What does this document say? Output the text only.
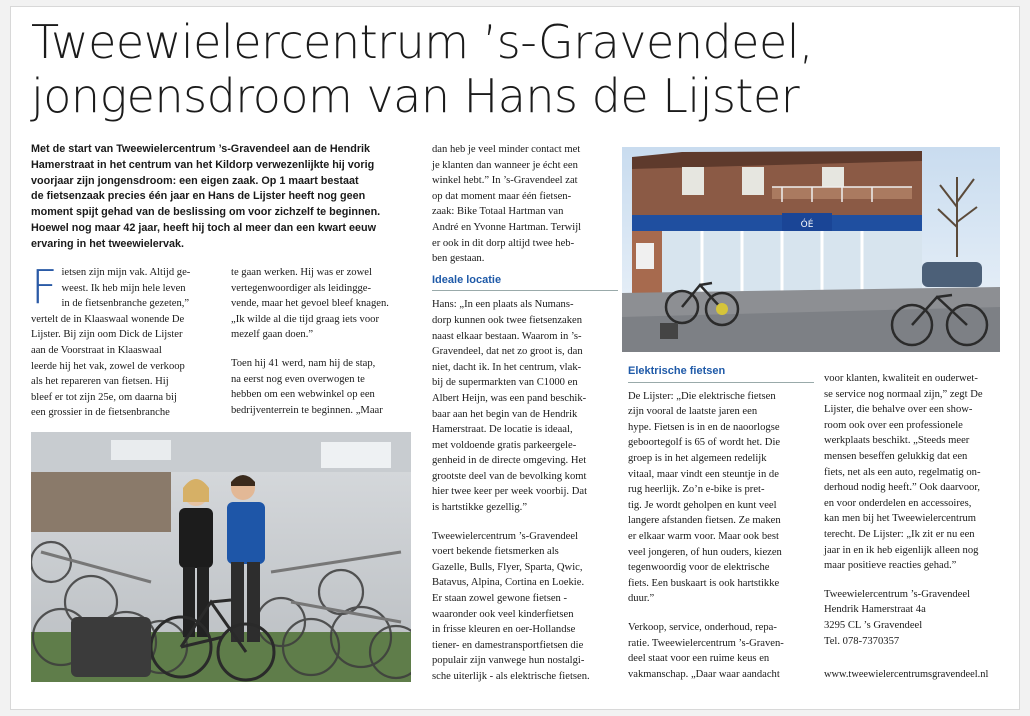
Tweewielercentrum ’s-Gravendeel,
jongensdroom van Hans de Lijster
Met de start van Tweewielercentrum ’s-Gravendeel aan de Hendrik
Hamerstraat in het centrum van het Kildorp verwezenlijkte hij vorig
voorjaar zijn jongensdroom: een eigen zaak. Op 1 maart bestaat
de fietsenzaak precies één jaar en Hans de Lijster heeft nog geen
moment spijt gehad van de beslissing om voor zichzelf te beginnen.
Hoewel nog maar 42 jaar, heeft hij toch al meer dan een kwart eeuw
ervaring in het tweewielervak.
F ietsen zijn mijn vak. Altijd ge-
weest. Ik heb mijn hele leven
in de fietsenbranche gezeten,”
vertelt de in Klaaswaal wonende De
Lijster. Bij zijn oom Dick de Lijster
aan de Voorstraat in Klaaswaal
leerde hij het vak, zowel de verkoop
als het repareren van fietsen. Hij
bleef er tot zijn 25e, om daarna bij
een grossier in de fietsenbranche
te gaan werken. Hij was er zowel
vertegenwoordiger als leidingge-
vende, maar het gevoel bleef knagen.
„Ik wilde al die tijd graag iets voor
mezelf gaan doen.”
Toen hij 41 werd, nam hij de stap,
na eerst nog even overwogen te
hebben om een webwinkel op een
bedrijventerrein te beginnen. „Maar
dan heb je veel minder contact met
je klanten dan wanneer je écht een
winkel hebt.” In ’s-Gravendeel zat
op dat moment maar één fietsen-
zaak: Bike Totaal Hartman van
André en Yvonne Hartman. Terwijl
er ook in dit dorp altijd twee heb-
ben gestaan.
Ideale locatie
Hans: „In een plaats als Numans-
dorp kunnen ook twee fietsenzaken
naast elkaar bestaan. Waarom in ’s-
Gravendeel, dat net zo groot is, dan
niet, dacht ik. In het centrum, vlak-
bij de supermarkten van C1000 en
Albert Heijn, was een pand beschik-
baar aan het begin van de Hendrik
Hamerstraat. De locatie is ideaal,
met voldoende gratis parkeergele-
genheid in de directe omgeving. Het
grootste deel van de bevolking komt
hier twee keer per week voorbij. Dat
is hartstikke gezellig.”
Tweewielercentrum ’s-Gravendeel
voert bekende fietsmerken als
Gazelle, Bulls, Flyer, Sparta, Qwic,
Batavus, Alpina, Cortina en Loekie.
Er staan zowel gewone fietsen -
waaronder ook veel kinderfietsen
in frisse kleuren en oer-Hollandse
tiener- en damestransportfietsen die
populair zijn vanwege hun nostalgi-
sche uiterlijk - als elektrische fietsen.
ÓÉ
Elektrische fietsen
De Lijster: „Die elektrische fietsen
zijn vooral de laatste jaren een
hype. Fietsen is in en de naoorlogse
geboortegolf is 65 of wordt het. Die
groep is in het algemeen redelijk
vitaal, maar vindt een steuntje in de
rug heerlijk. Zo’n e-bike is pret-
tig. Je wordt geholpen en kunt veel
langere afstanden fietsen. Ze maken
er elkaar warm voor. Maar ook best
veel jongeren, of hun ouders, kiezen
tegenwoordig voor de elektrische
fiets. Een buskaart is ook hartstikke
duur.”
Verkoop, service, onderhoud, repa-
ratie. Tweewielercentrum ’s-Graven-
deel staat voor een ruime keus en
vakmanschap. „Daar waar aandacht
voor klanten, kwaliteit en ouderwet-
se service nog normaal zijn,” zegt De
Lijster, die behalve over een show-
room ook over een professionele
werkplaats beschikt. „Steeds meer
mensen beseffen gelukkig dat een
fiets, net als een auto, regelmatig on-
derhoud nodig heeft.” Ook daarvoor,
en voor onderdelen en accessoires,
kan men bij het Tweewielercentrum
terecht. De Lijster: „Ik zit er nu een
jaar in en ik heb eigenlijk alleen nog
maar positieve reacties gehad.”
Tweewielercentrum ’s-Gravendeel
Hendrik Hamerstraat 4a
3295 CL ’s Gravendeel
Tel. 078-7370357
www.tweewielercentrumsgravendeel.nl
